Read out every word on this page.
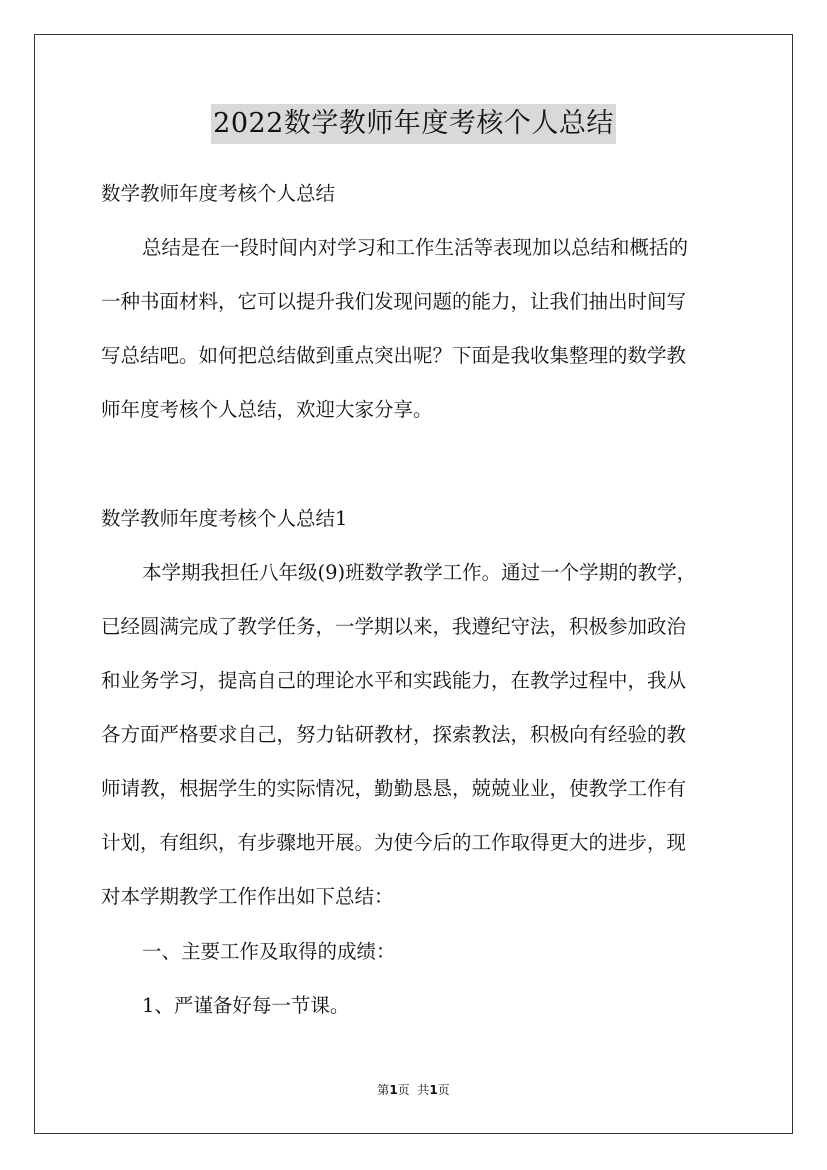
2022数学教师年度考核个人总结
数学教师年度考核个人总结
总结是在一段时间内对学习和工作生活等表现加以总结和概括的
一种书面材料，它可以提升我们发现问题的能力，让我们抽出时间写
写总结吧。如何把总结做到重点突出呢？下面是我收集整理的数学教
师年度考核个人总结，欢迎大家分享。
数学教师年度考核个人总结1
本学期我担任八年级(9)班数学教学工作。通过一个学期的教学，
已经圆满完成了教学任务，一学期以来，我遵纪守法，积极参加政治
和业务学习，提高自己的理论水平和实践能力，在教学过程中，我从
各方面严格要求自己，努力钻研教材，探索教法，积极向有经验的教
师请教，根据学生的实际情况，勤勤恳恳，兢兢业业，使教学工作有
计划，有组织，有步骤地开展。为使今后的工作取得更大的进步，现
对本学期教学工作作出如下总结：
一、主要工作及取得的成绩：
1、严谨备好每一节课。
第1页  共1页
